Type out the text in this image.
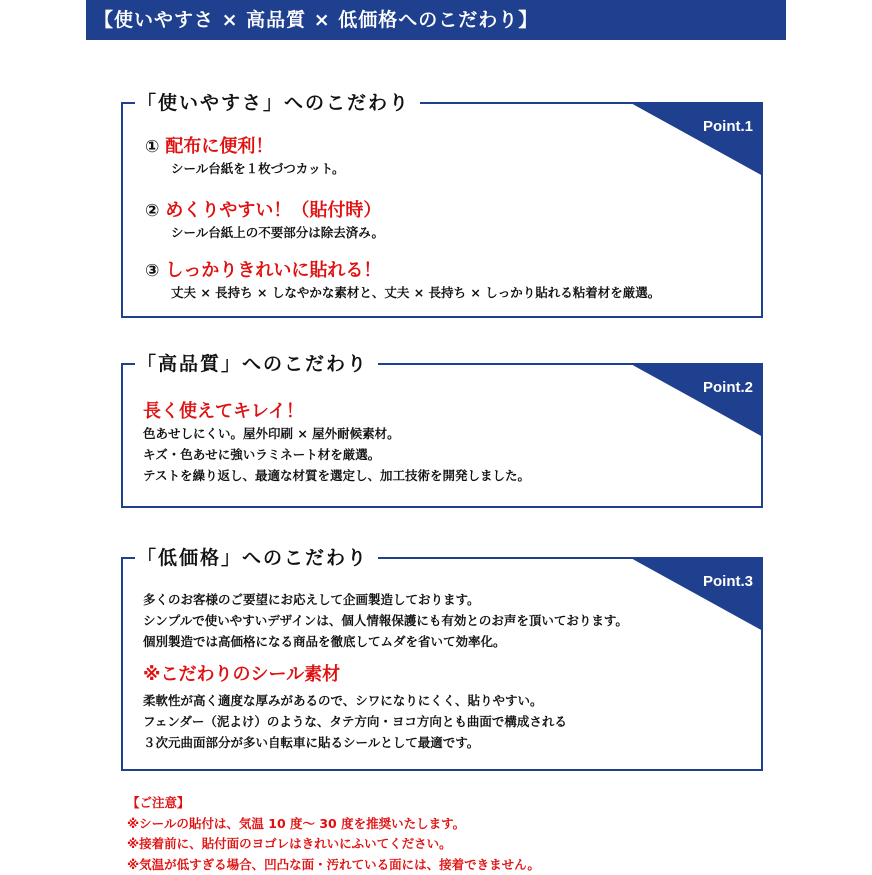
【使いやすさ × 高品質 × 低価格へのこだわり】
Point.1
「使いやすさ」へのこだわり
① 配布に便利！
シール台紙を１枚づつカット。
② めくりやすい！（貼付時）
シール台紙上の不要部分は除去済み。
③ しっかりきれいに貼れる！
丈夫 × 長持ち × しなやかな素材と、丈夫 × 長持ち × しっかり貼れる粘着材を厳選。
Point.2
「高品質」へのこだわり
長く使えてキレイ！
色あせしにくい。屋外印刷 × 屋外耐候素材。
キズ・色あせに強いラミネート材を厳選。
テストを繰り返し、最適な材質を選定し、加工技術を開発しました。
Point.3
「低価格」へのこだわり
多くのお客様のご要望にお応えして企画製造しております。
シンプルで使いやすいデザインは、個人情報保護にも有効とのお声を頂いております。
個別製造では高価格になる商品を徹底してムダを省いて効率化。
※こだわりのシール素材
柔軟性が高く適度な厚みがあるので、シワになりにくく、貼りやすい。
フェンダー（泥よけ）のような、タテ方向・ヨコ方向とも曲面で構成される
３次元曲面部分が多い自転車に貼るシールとして最適です。
【ご注意】
※シールの貼付は、気温 10 度～ 30 度を推奨いたします。
※接着前に、貼付面のヨゴレはきれいにふいてください。
※気温が低すぎる場合、凹凸な面・汚れている面には、接着できません。
